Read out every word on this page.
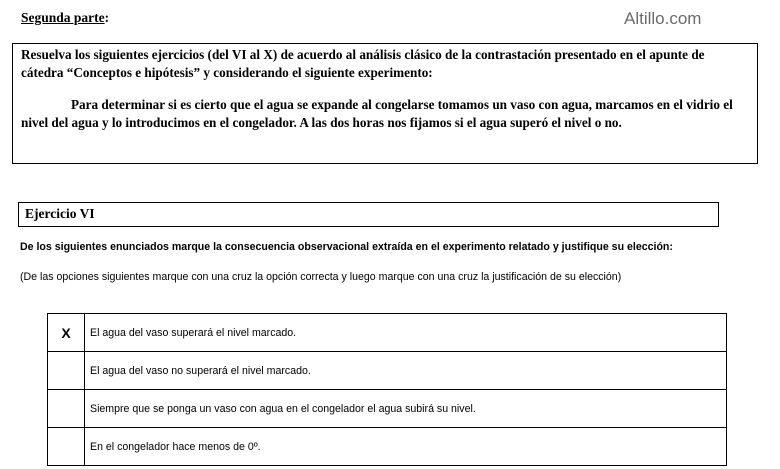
Segunda parte:	Altillo.com

Resuelva los siguientes ejercicios (del VI al X) de acuerdo al análisis clásico de la contrastación presentado en el apunte de cátedra “Conceptos e hipótesis” y considerando el siguiente experimento:

Para determinar si es cierto que el agua se expande al congelarse tomamos un vaso con agua, marcamos en el vidrio el nivel del agua y lo introducimos en el congelador. A las dos horas nos fijamos si el agua superó el nivel o no.

Ejercicio VI
De los siguientes enunciados marque la consecuencia observacional extraída en el experimento relatado y justifique su elección:
(De las opciones siguientes marque con una cruz la opción correcta y luego marque con una cruz la justificación de su elección)
X	El agua del vaso superará el nivel marcado.
	El agua del vaso no superará el nivel marcado.
	Siempre que se ponga un vaso con agua en el congelador el agua subirá su nivel.
	En el congelador hace menos de 0º.
